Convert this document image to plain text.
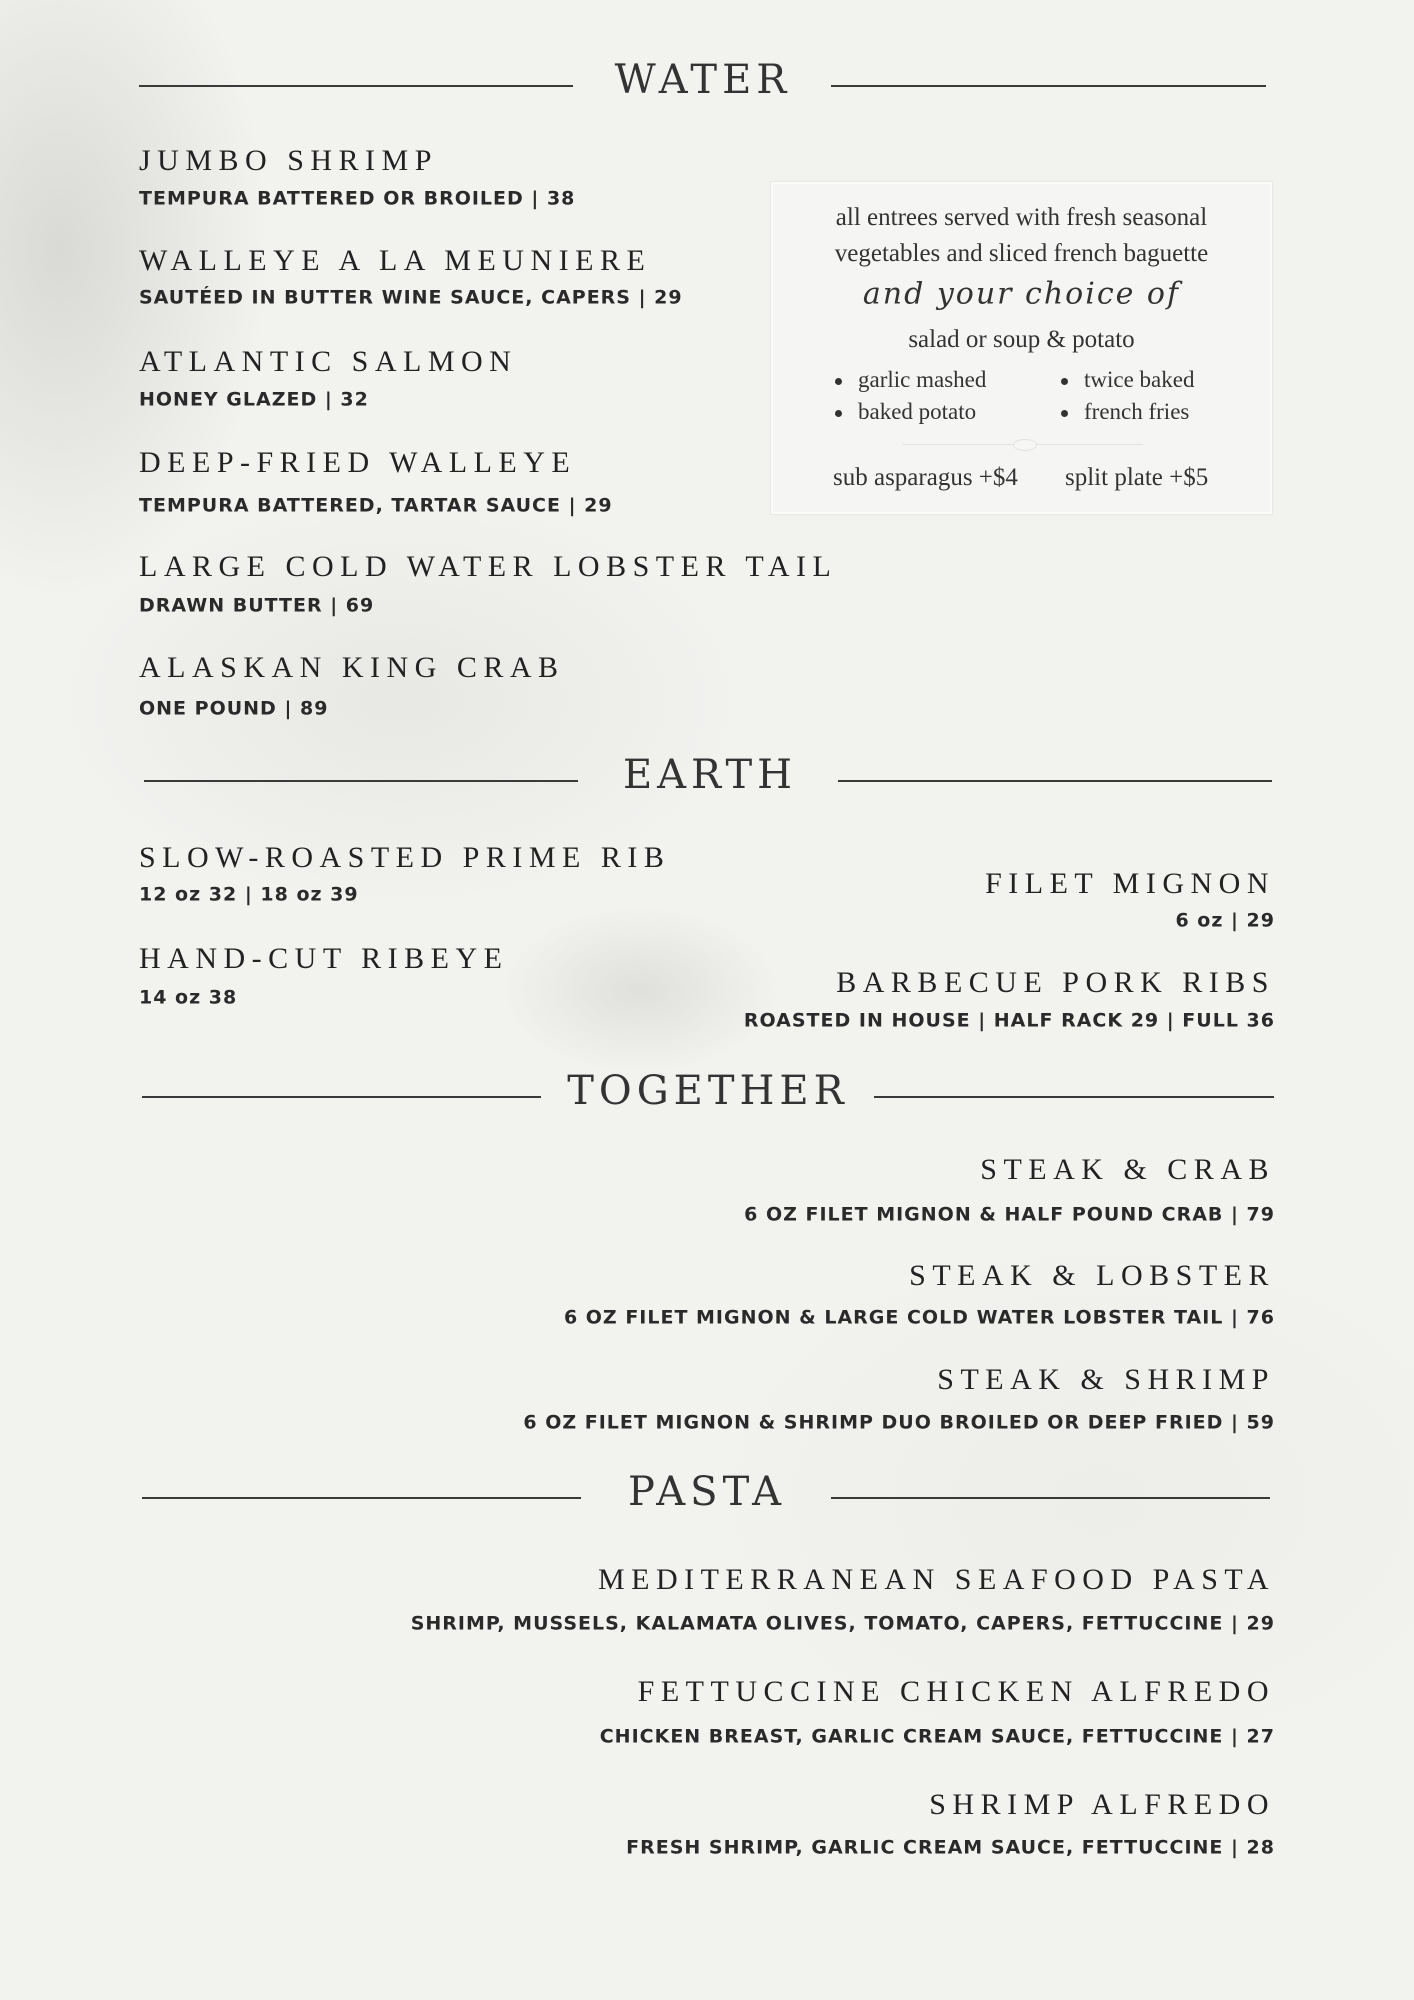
WATER
JUMBO SHRIMP
TEMPURA BATTERED OR BROILED | 38
WALLEYE A LA MEUNIERE
SAUTÉED IN BUTTER WINE SAUCE, CAPERS | 29
ATLANTIC SALMON
HONEY GLAZED | 32
DEEP-FRIED WALLEYE
TEMPURA BATTERED, TARTAR SAUCE | 29
LARGE COLD WATER LOBSTER TAIL
DRAWN BUTTER | 69
ALASKAN KING CRAB
ONE POUND | 89
all entrees served with fresh seasonal
vegetables and sliced french baguette
and your choice of
salad or soup & potato
garlic mashed	twice baked
baked potato	french fries
sub asparagus +$4 split plate +$5
EARTH
SLOW-ROASTED PRIME RIB
12 oz 32 | 18 oz 39
HAND-CUT RIBEYE
14 oz 38
FILET MIGNON
6 oz | 29
BARBECUE PORK RIBS
ROASTED IN HOUSE | HALF RACK 29 | FULL 36
TOGETHER
STEAK & CRAB
6 OZ FILET MIGNON & HALF POUND CRAB | 79
STEAK & LOBSTER
6 OZ FILET MIGNON & LARGE COLD WATER LOBSTER TAIL | 76
STEAK & SHRIMP
6 OZ FILET MIGNON & SHRIMP DUO BROILED OR DEEP FRIED | 59
PASTA
MEDITERRANEAN SEAFOOD PASTA
SHRIMP, MUSSELS, KALAMATA OLIVES, TOMATO, CAPERS, FETTUCCINE | 29
FETTUCCINE CHICKEN ALFREDO
CHICKEN BREAST, GARLIC CREAM SAUCE, FETTUCCINE | 27
SHRIMP ALFREDO
FRESH SHRIMP, GARLIC CREAM SAUCE, FETTUCCINE | 28
